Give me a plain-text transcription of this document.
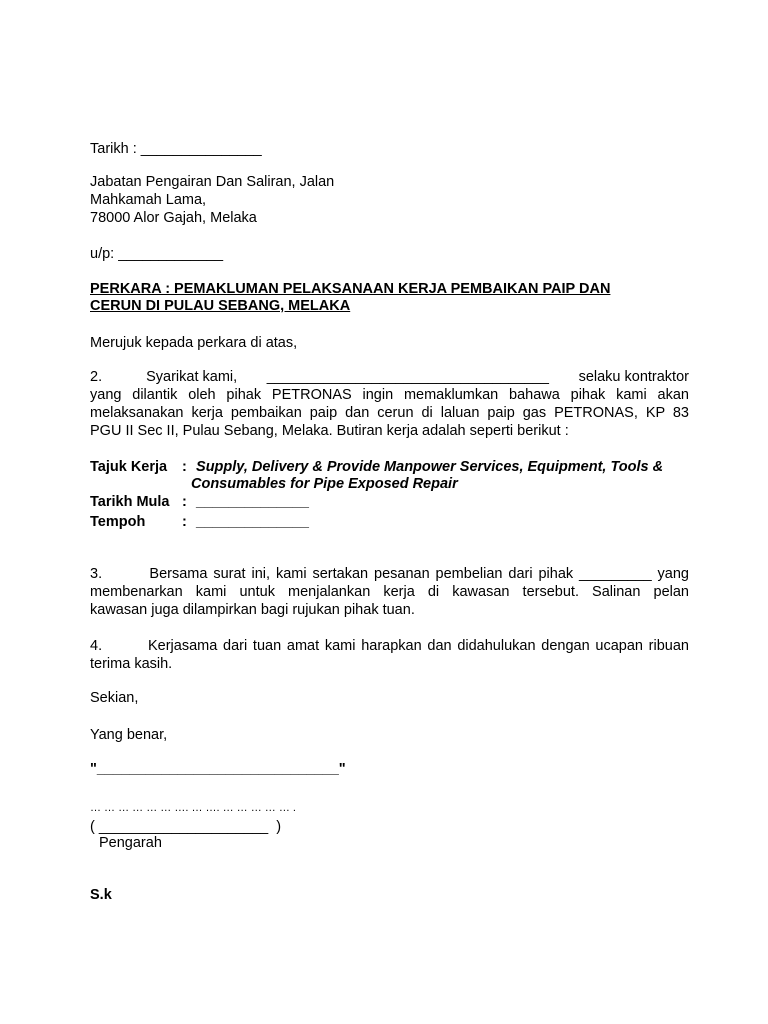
Tarikh : _______________
Jabatan Pengairan Dan Saliran, Jalan
Mahkamah Lama,
78000 Alor Gajah, Melaka
u/p: _____________
PERKARA : PEMAKLUMAN PELAKSANAAN KERJA PEMBAIKAN PAIP DAN
CERUN DI PULAU SEBANG, MELAKA
Merujuk kepada perkara di atas,
2.	Syarikat kami, ___________________________________ selaku kontraktor
yang dilantik oleh pihak PETRONAS ingin memaklumkan bahawa pihak kami akan
melaksanakan kerja pembaikan paip dan cerun di laluan paip gas PETRONAS, KP 83
PGU II Sec II, Pulau Sebang, Melaka. Butiran kerja adalah seperti berikut :
Tajuk Kerja : Supply, Delivery & Provide Manpower Services, Equipment, Tools &
Consumables for Pipe Exposed Repair
Tarikh Mula : ______________
Tempoh	: ______________
3.        Bersama surat ini, kami sertakan pesanan pembelian dari pihak _________ yang
membenarkan kami untuk menjalankan kerja di kawasan tersebut. Salinan pelan
kawasan juga dilampirkan bagi rujukan pihak tuan.
4.        Kerjasama dari tuan amat kami harapkan dan didahulukan dengan ucapan ribuan
terima kasih.
Sekian,
Yang benar,
"______________________________"
… … … … … … …. … …. … … … … … .
( _____________________  )
Pengarah
S.k
